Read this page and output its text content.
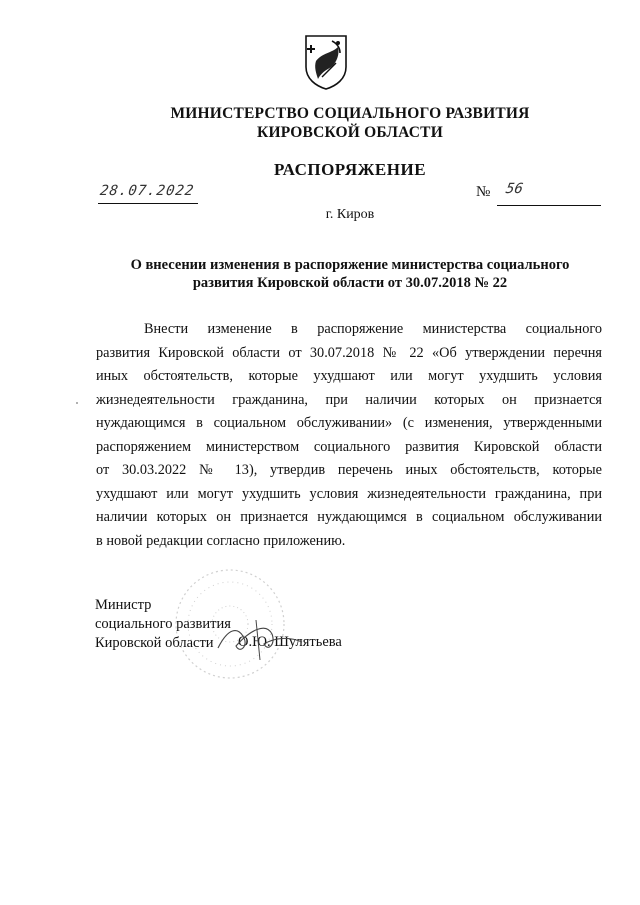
МИНИСТЕРСТВО СОЦИАЛЬНОГО РАЗВИТИЯ
КИРОВСКОЙ ОБЛАСТИ
РАСПОРЯЖЕНИЕ
28.07.2022	№ 56
г. Киров
О внесении изменения в распоряжение министерства социального
развития Кировской области от 30.07.2018 № 22
Внести изменение в распоряжение министерства социального
развития Кировской области от 30.07.2018 № 22 «Об утверждении перечня
иных обстоятельств, которые ухудшают или могут ухудшить условия
жизнедеятельности гражданина, при наличии которых он признается
нуждающимся в социальном обслуживании» (с изменения, утвержденными
распоряжением министерством социального развития Кировской области
от 30.03.2022 № 13), утвердив перечень иных обстоятельств, которые
ухудшают или могут ухудшить условия жизнедеятельности гражданина, при
наличии которых он признается нуждающимся в социальном обслуживании
в новой редакции согласно приложению.
Министр
социального развития
Кировской области	О.Ю. Шулятьева
